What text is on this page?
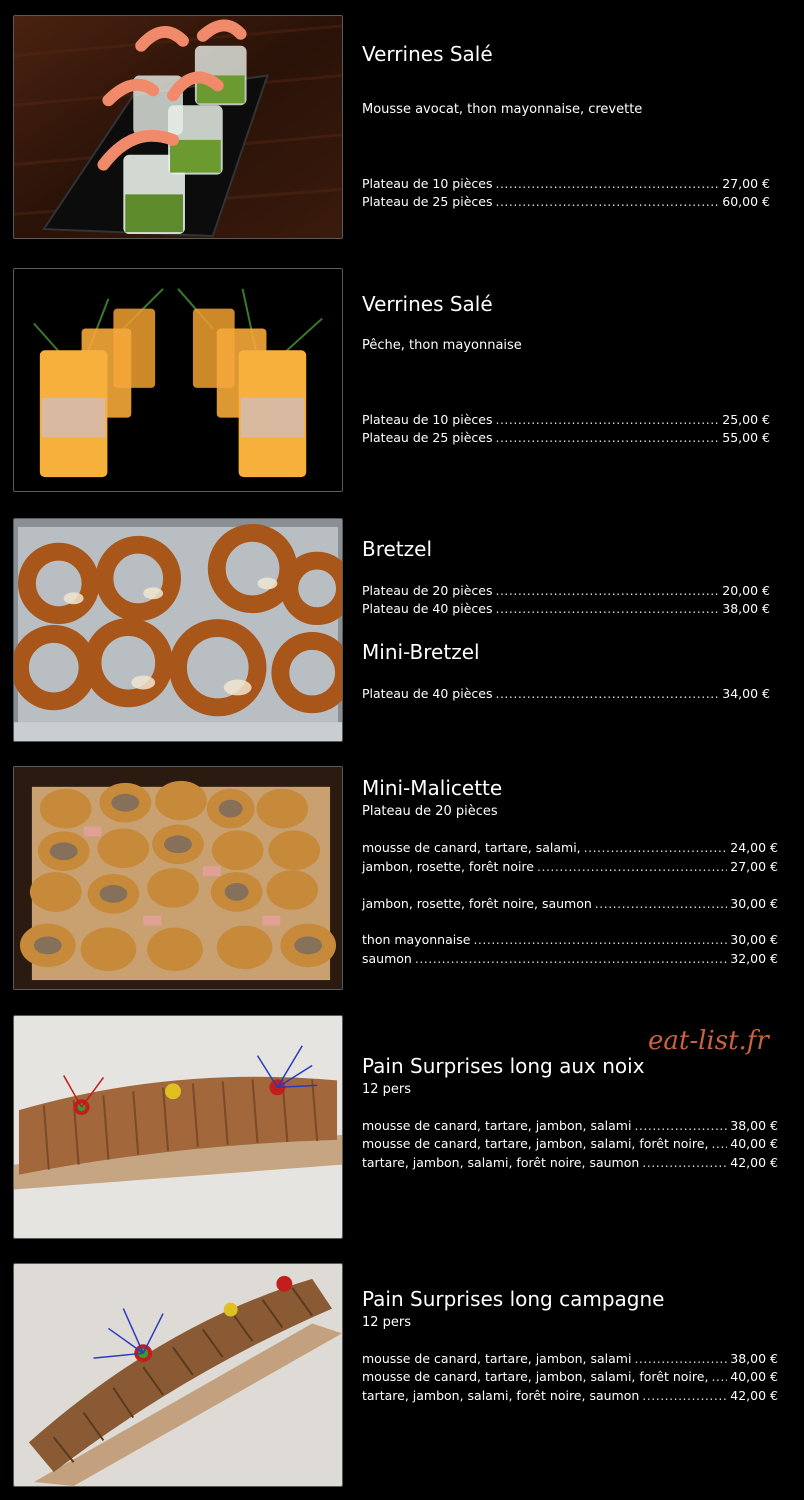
Verrines Salé
Mousse avocat, thon mayonnaise, crevette
Plateau de 10 pièces .....	27,00 €
Plateau de 25 pièces .....	60,00 €
Verrines Salé
Pêche, thon mayonnaise
Plateau de 10 pièces .....	25,00 €
Plateau de 25 pièces .....	55,00 €
Bretzel
Plateau de 20 pièces .....	20,00 €
Plateau de 40 pièces .....	38,00 €
Mini-Bretzel
Plateau de 40 pièces .....	34,00 €
Mini-Malicette
Plateau de 20 pièces
mousse de canard, tartare, salami, .....	24,00 €
jambon, rosette, forêt noire .....	27,00 €
jambon, rosette, forêt noire, saumon .....	30,00 €
thon mayonnaise .....	30,00 €
saumon .....	32,00 €
Pain Surprises long aux noix
12 pers
mousse de canard, tartare, jambon, salami .....	38,00 €
mousse de canard, tartare, jambon, salami, forêt noire, ..... 40,00 €
tartare, jambon, salami, forêt noire, saumon .....	42,00 €
Pain Surprises long campagne
12 pers
mousse de canard, tartare, jambon, salami .....	38,00 €
mousse de canard, tartare, jambon, salami, forêt noire, ..... 40,00 €
tartare, jambon, salami, forêt noire, saumon .....	42,00 €
eat-list.fr
